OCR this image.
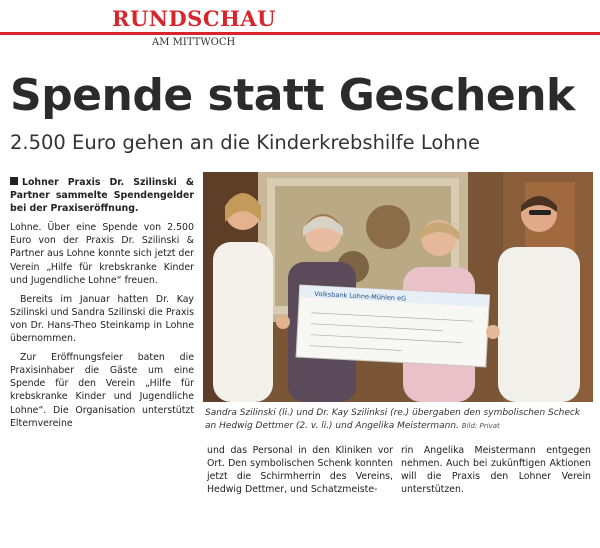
RUNDSCHAU
AM MITTWOCH
Spende statt Geschenk
2.500 Euro gehen an die Kinderkrebshilfe Lohne

Lohner Praxis Dr. Szilinski & Partner sammelte Spendengelder bei der Praxiseröffnung.

Lohne. Über eine Spende von 2.500 Euro von der Praxis Dr. Szilinski & Partner aus Lohne konnte sich jetzt der Verein „Hilfe für krebskranke Kinder und Jugendliche Lohne“ freuen.

Bereits im Januar hatten Dr. Kay Szilinski und Sandra Szilinski die Praxis von Dr. Hans-Theo Steinkamp in Lohne übernommen.

Zur Eröffnungsfeier baten die Praxisinhaber die Gäste um eine Spende für den Verein „Hilfe für krebskranke Kinder und Jugendliche Lohne“. Die Organisation unterstützt Elternvereine

Volksbank Lohne-Mühlen eG
Sandra Szilinski (li.) und Dr. Kay Szilinksi (re.) übergaben den symbolischen Scheck an Hedwig Dettmer (2. v. li.) und Angelika Meistermann. Bild: Privat

und das Personal in den Kliniken vor Ort. Den symbolischen Schenk konnten jetzt die Schirmherrin des Vereins, Hedwig Dettmer, und Schatzmeiste-

rin Angelika Meistermann entgegen nehmen. Auch bei zukünftigen Aktionen will die Praxis den Lohner Verein unterstützen.
